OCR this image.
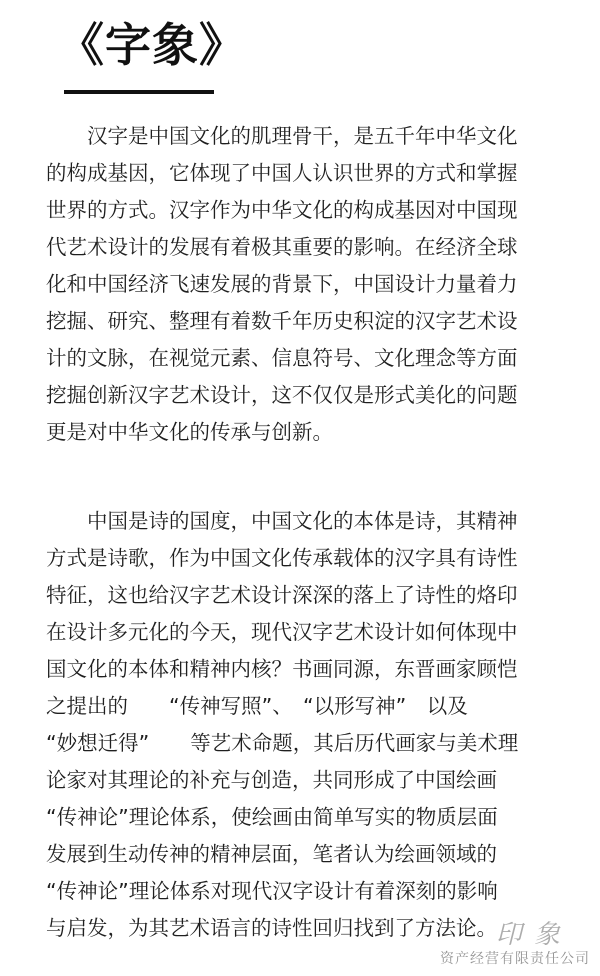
《字象》
　　汉字是中国文化的肌理骨干，是五千年中华文化
的构成基因，它体现了中国人认识世界的方式和掌握
世界的方式。汉字作为中华文化的构成基因对中国现
代艺术设计的发展有着极其重要的影响。在经济全球
化和中国经济飞速发展的背景下，中国设计力量着力
挖掘、研究、整理有着数千年历史积淀的汉字艺术设
计的文脉，在视觉元素、信息符号、文化理念等方面
挖掘创新汉字艺术设计，这不仅仅是形式美化的问题
更是对中华文化的传承与创新。
　　中国是诗的国度，中国文化的本体是诗，其精神
方式是诗歌，作为中国文化传承载体的汉字具有诗性
特征，这也给汉字艺术设计深深的落上了诗性的烙印
在设计多元化的今天，现代汉字艺术设计如何体现中
国文化的本体和精神内核？书画同源，东晋画家顾恺
之提出的　　“传神写照”、　“以形写神”　以及
“妙想迁得”　　等艺术命题，其后历代画家与美术理
论家对其理论的补充与创造，共同形成了中国绘画
“传神论”理论体系，使绘画由简单写实的物质层面
发展到生动传神的精神层面，笔者认为绘画领域的
“传神论”理论体系对现代汉字设计有着深刻的影响
与启发，为其艺术语言的诗性回归找到了方法论。
印 象
资产经营有限责任公司
